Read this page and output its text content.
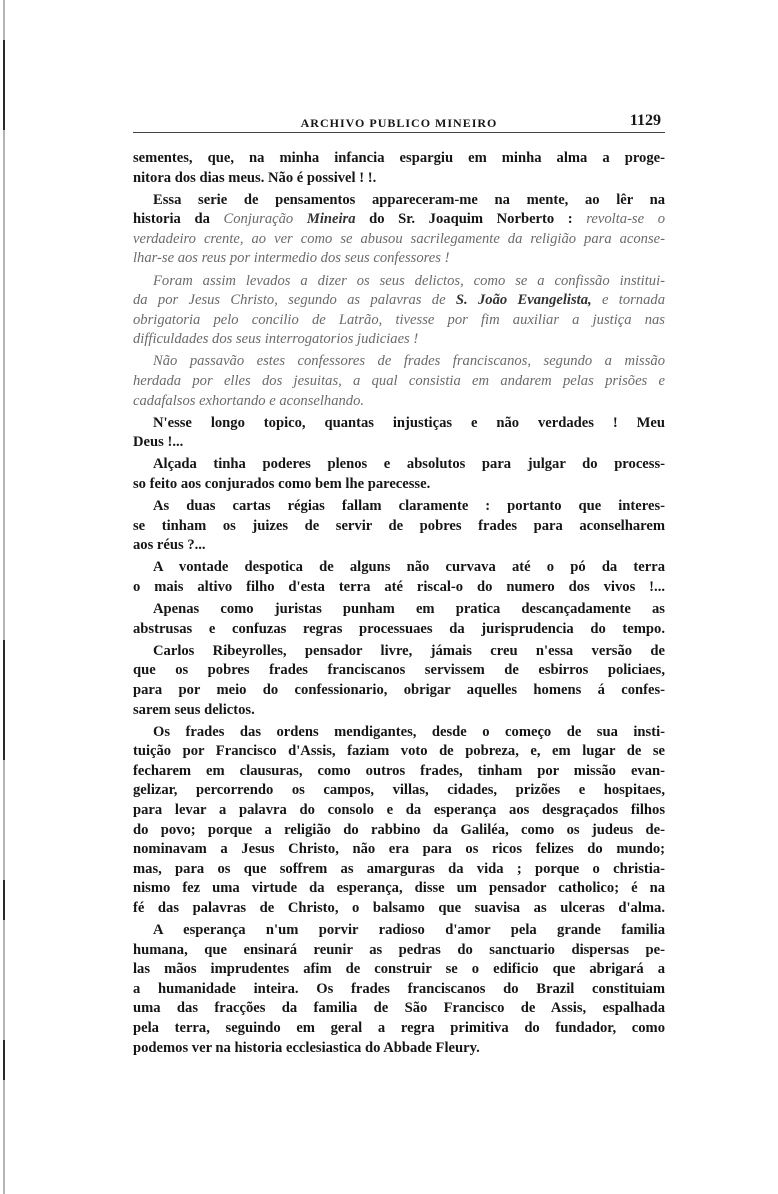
ARCHIVO PUBLICO MINEIRO	1129
sementes, que, na minha infancia espargiu em minha alma a proge-
nitora dos dias meus. Não é possivel ! !.
Essa serie de pensamentos appareceram-me na mente, ao lêr na
historia da Conjuração Mineira do Sr. Joaquim Norberto : revolta-se o
verdadeiro crente, ao ver como se abusou sacrilegamente da religião para aconse-
lhar-se aos reus por intermedio dos seus confessores !
Foram assim levados a dizer os seus delictos, como se a confissão institui-
da por Jesus Christo, segundo as palavras de S. João Evangelista, e tornada
obrigatoria pelo concilio de Latrão, tivesse por fim auxiliar a justiça nas
difficuldades dos seus interrogatorios judiciaes !
Não passavão estes confessores de frades franciscanos, segundo a missão
herdada por elles dos jesuitas, a qual consistia em andarem pelas prisões e
cadafalsos exhortando e aconselhando.
N'esse longo topico, quantas injustiças e não verdades ! Meu
Deus !...
Alçada tinha poderes plenos e absolutos para julgar do process-
so feito aos conjurados como bem lhe parecesse.
As duas cartas régias fallam claramente : portanto que interes-
se tinham os juizes de servir de pobres frades para aconselharem
aos réus ?...
A vontade despotica de alguns não curvava até o pó da terra
o mais altivo filho d'esta terra até riscal-o do numero dos vivos !...
Apenas como juristas punham em pratica descançadamente as
abstrusas e confuzas regras processuaes da jurisprudencia do tempo.
Carlos Ribeyrolles, pensador livre, jámais creu n'essa versão de
que os pobres frades franciscanos servissem de esbirros policiaes,
para por meio do confessionario, obrigar aquelles homens á confes-
sarem seus delictos.
Os frades das ordens mendigantes, desde o começo de sua insti-
tuição por Francisco d'Assis, faziam voto de pobreza, e, em lugar de se
fecharem em clausuras, como outros frades, tinham por missão evan-
gelizar, percorrendo os campos, villas, cidades, prizões e hospitaes,
para levar a palavra do consolo e da esperança aos desgraçados filhos
do povo; porque a religião do rabbino da Galiléa, como os judeus de-
nominavam a Jesus Christo, não era para os ricos felizes do mundo;
mas, para os que soffrem as amarguras da vida ; porque o christia-
nismo fez uma virtude da esperança, disse um pensador catholico; é na
fé das palavras de Christo, o balsamo que suavisa as ulceras d'alma.
A esperança n'um porvir radioso d'amor pela grande familia
humana, que ensinará reunir as pedras do sanctuario dispersas pe-
las mãos imprudentes afim de construir se o edificio que abrigará a
a humanidade inteira. Os frades franciscanos do Brazil constituiam
uma das fracções da familia de São Francisco de Assis, espalhada
pela terra, seguindo em geral a regra primitiva do fundador, como
podemos ver na historia ecclesiastica do Abbade Fleury.
